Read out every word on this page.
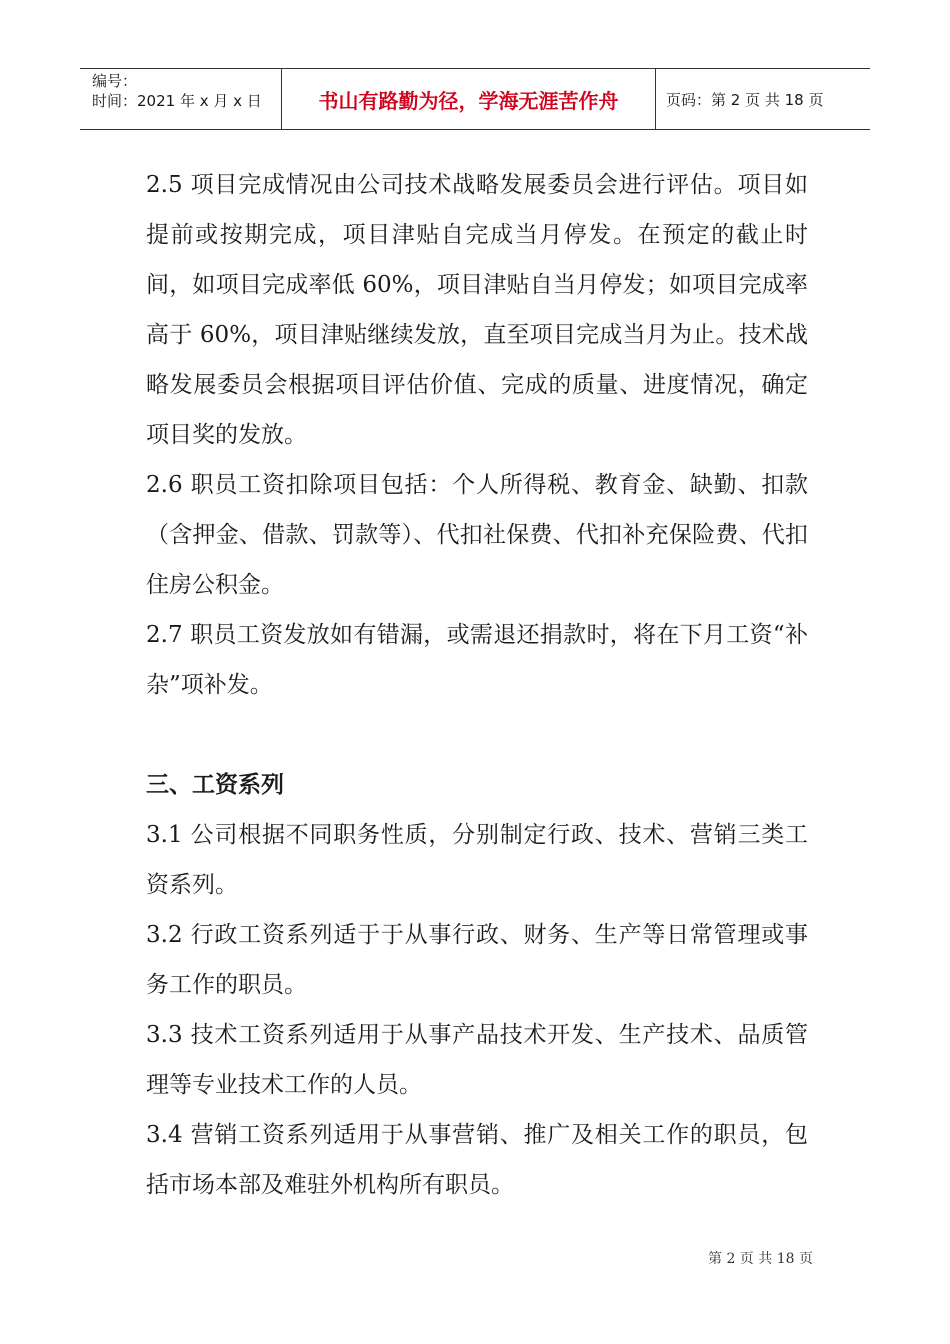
编号：
时间：2021 年 x 月 x 日	书山有路勤为径，学海无涯苦作舟	页码：第 2 页 共 18 页

2.5 项目完成情况由公司技术战略发展委员会进行评估。项目如提前或按期完成，项目津贴自完成当月停发。在预定的截止时间，如项目完成率低 60%，项目津贴自当月停发；如项目完成率高于 60%，项目津贴继续发放，直至项目完成当月为止。技术战略发展委员会根据项目评估价值、完成的质量、进度情况，确定项目奖的发放。

2.6 职员工资扣除项目包括：个人所得税、教育金、缺勤、扣款（含押金、借款、罚款等）、代扣社保费、代扣补充保险费、代扣住房公积金。

2.7 职员工资发放如有错漏，或需退还捐款时，将在下月工资“补杂”项补发。

三、工资系列

3.1 公司根据不同职务性质，分别制定行政、技术、营销三类工资系列。

3.2 行政工资系列适于于从事行政、财务、生产等日常管理或事务工作的职员。

3.3 技术工资系列适用于从事产品技术开发、生产技术、品质管理等专业技术工作的人员。

3.4 营销工资系列适用于从事营销、推广及相关工作的职员，包括市场本部及难驻外机构所有职员。

第 2 页 共 18 页
